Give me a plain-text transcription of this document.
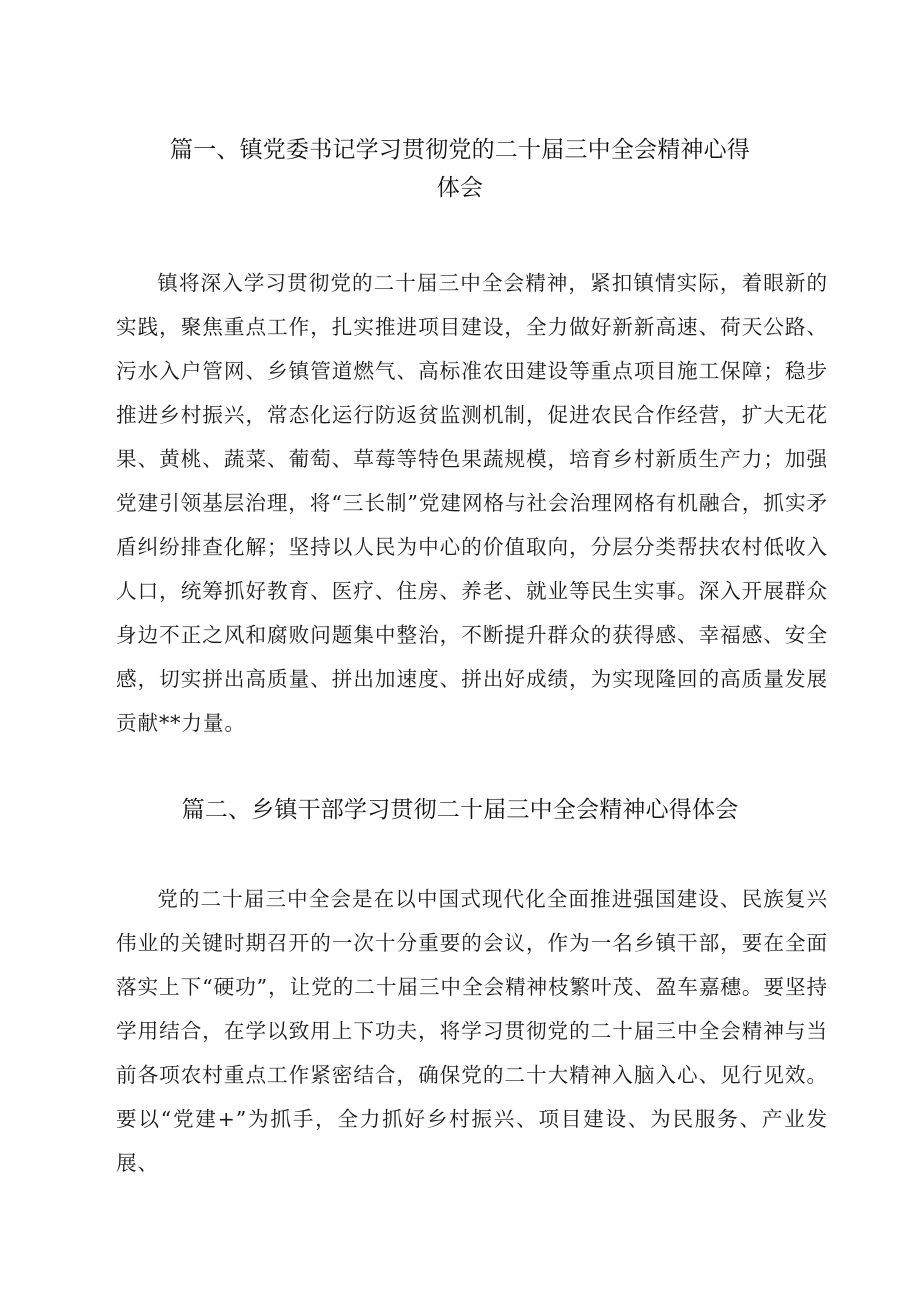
篇一、镇党委书记学习贯彻党的二十届三中全会精神心得
体会
镇将深入学习贯彻党的二十届三中全会精神，紧扣镇情实际，着眼新的实践，聚焦重点工作，扎实推进项目建设，全力做好新新高速、荷天公路、污水入户管网、乡镇管道燃气、高标准农田建设等重点项目施工保障；稳步推进乡村振兴，常态化运行防返贫监测机制，促进农民合作经营，扩大无花果、黄桃、蔬菜、葡萄、草莓等特色果蔬规模，培育乡村新质生产力；加强党建引领基层治理，将“三长制”党建网格与社会治理网格有机融合，抓实矛盾纠纷排查化解；坚持以人民为中心的价值取向，分层分类帮扶农村低收入人口，统筹抓好教育、医疗、住房、养老、就业等民生实事。深入开展群众身边不正之风和腐败问题集中整治，不断提升群众的获得感、幸福感、安全感，切实拼出高质量、拼出加速度、拼出好成绩，为实现隆回的高质量发展贡献**力量。
篇二、乡镇干部学习贯彻二十届三中全会精神心得体会
党的二十届三中全会是在以中国式现代化全面推进强国建设、民族复兴伟业的关键时期召开的一次十分重要的会议，作为一名乡镇干部，要在全面落实上下“硬功”，让党的二十届三中全会精神枝繁叶茂、盈车嘉穗。要坚持学用结合，在学以致用上下功夫，将学习贯彻党的二十届三中全会精神与当前各项农村重点工作紧密结合，确保党的二十大精神入脑入心、见行见效。要以“党建+”为抓手，全力抓好乡村振兴、项目建设、为民服务、产业发展、
